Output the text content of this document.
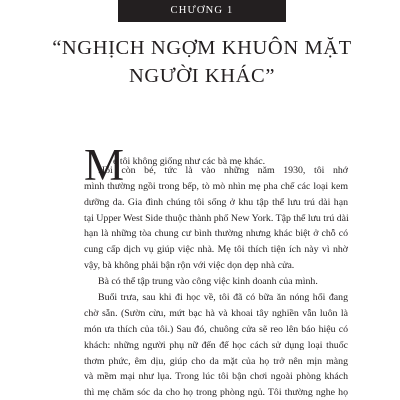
CHƯƠNG 1
“NGHỊCH NGỢM KHUÔN MẶT
NGƯỜI KHÁC”
M
ẹ tôi không giống như các bà mẹ khác.
Hồi còn bé, tức là vào những năm 1930, tôi nhớ
mình thường ngồi trong bếp, tò mò nhìn mẹ pha chế các loại kem
dưỡng da. Gia đình chúng tôi sống ở khu tập thể lưu trú dài hạn
tại Upper West Side thuộc thành phố New York. Tập thể lưu trú dài
hạn là những tòa chung cư bình thường nhưng khác biệt ở chỗ có
cung cấp dịch vụ giúp việc nhà. Mẹ tôi thích tiện ích này vì nhờ
vậy, bà không phải bận rộn với việc dọn dẹp nhà cửa.
Bà có thể tập trung vào công việc kinh doanh của mình.
Buổi trưa, sau khi đi học về, tôi đã có bữa ăn nóng hổi đang
chờ sẵn. (Sườn cừu, mứt bạc hà và khoai tây nghiền vẫn luôn là
món ưa thích của tôi.) Sau đó, chuông cửa sẽ reo lên báo hiệu có
khách: những người phụ nữ đến để học cách sử dụng loại thuốc
thơm phức, êm dịu, giúp cho da mặt của họ trở nên mịn màng
và mềm mại như lụa. Trong lúc tôi bận chơi ngoài phòng khách
thì mẹ chăm sóc da cho họ trong phòng ngủ. Tôi thường nghe họ
